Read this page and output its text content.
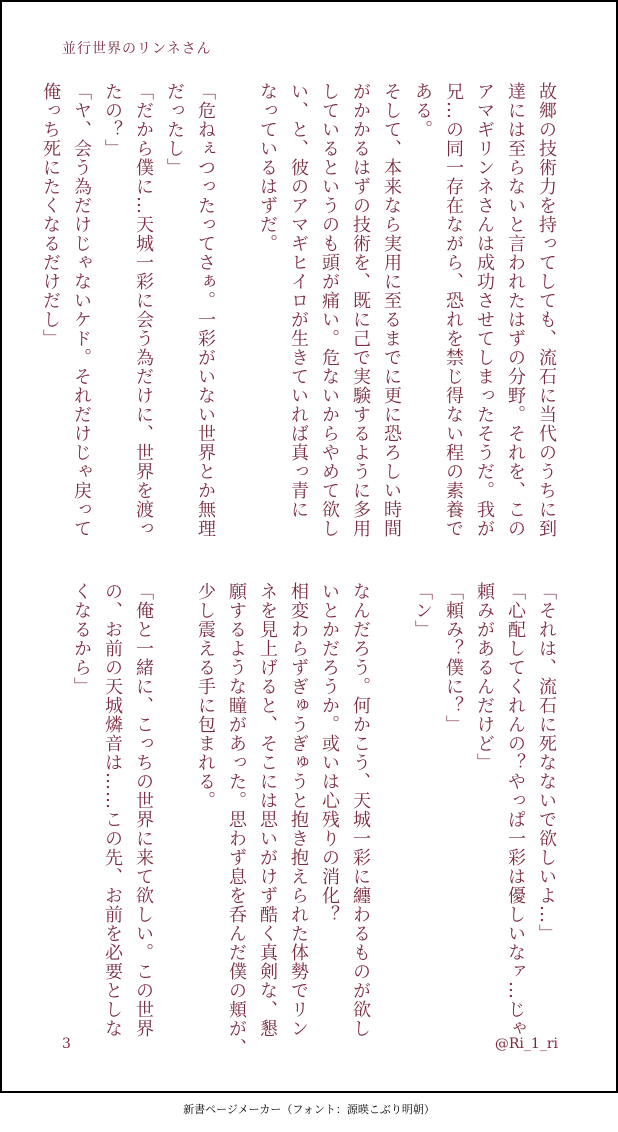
並行世界のリンネさん
故郷の技術力を持ってしても、流石に当代のうちに到
達には至らないと言われたはずの分野。それを、この
アマギリンネさんは成功させてしまったそうだ。我が
兄…の同一存在ながら、恐れを禁じ得ない程の素養で
ある。
そして、本来なら実用に至るまでに更に恐ろしい時間
がかかるはずの技術を、既に己で実験するように多用
しているというのも頭が痛い。危ないからやめて欲し
い、と、彼のアマギヒイロが生きていれば真っ青に
なっているはずだ。
「危ねぇつったってさぁ。一彩がいない世界とか無理
だったし」
「だから僕に…天城一彩に会う為だけに、世界を渡っ
たの？」
「ヤ、会う為だけじゃないケド。それだけじゃ戻って
俺っち死にたくなるだけだし」
「それは、流石に死なないで欲しいよ…」
「心配してくれんの？やっぱ一彩は優しいなァ…じゃ
頼みがあるんだけど」
「頼み？僕に？」
「ン」
なんだろう。何かこう、天城一彩に纏わるものが欲し
いとかだろうか。或いは心残りの消化？
相変わらずぎゅうぎゅうと抱き抱えられた体勢でリン
ネを見上げると、そこには思いがけず酷く真剣な、懇
願するような瞳があった。思わず息を呑んだ僕の頬が、
少し震える手に包まれる。
「俺と一緒に、こっちの世界に来て欲しい。この世界
の、お前の天城燐音は……この先、お前を必要としな
くなるから」
3	@Ri_1_ri
新書ページメーカー（フォント：源暎こぶり明朝）
